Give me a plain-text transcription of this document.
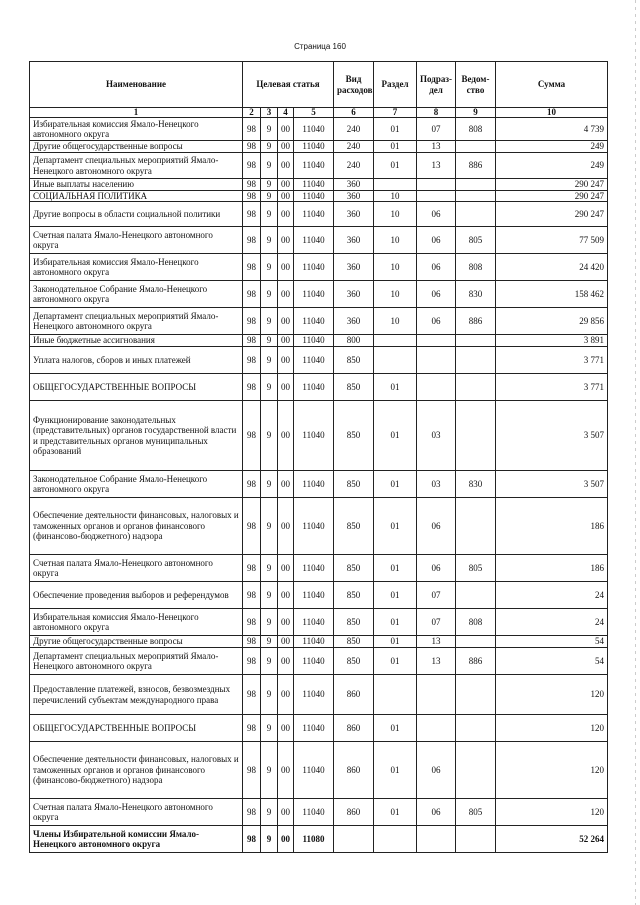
Страница 160
Наименование	Целевая статья				Вид расходов	Раздел	Подраз-дел	Ведом-ство	Сумма
1	2	3	4	5	6	7	8	9	10
Избирательная комиссия Ямало-Ненецкого автономного округа	98	9	00	11040	240	01	07	808	4 739
Другие общегосударственные вопросы	98	9	00	11040	240	01	13		249
Департамент специальных мероприятий Ямало-Ненецкого автономного округа	98	9	00	11040	240	01	13	886	249
Иные выплаты населению	98	9	00	11040	360				290 247
СОЦИАЛЬНАЯ ПОЛИТИКА	98	9	00	11040	360	10			290 247
Другие вопросы в области социальной политики	98	9	00	11040	360	10	06		290 247
Счетная палата Ямало-Ненецкого автономного округа	98	9	00	11040	360	10	06	805	77 509
Избирательная комиссия Ямало-Ненецкого автономного округа	98	9	00	11040	360	10	06	808	24 420
Законодательное Собрание Ямало-Ненецкого автономного округа	98	9	00	11040	360	10	06	830	158 462
Департамент специальных мероприятий Ямало-Ненецкого автономного округа	98	9	00	11040	360	10	06	886	29 856
Иные бюджетные ассигнования	98	9	00	11040	800				3 891
Уплата налогов, сборов и иных платежей	98	9	00	11040	850				3 771
ОБЩЕГОСУДАРСТВЕННЫЕ ВОПРОСЫ	98	9	00	11040	850	01			3 771
Функционирование законодательных (представительных) органов государственной власти и представительных органов муниципальных образований	98	9	00	11040	850	01	03		3 507
Законодательное Собрание Ямало-Ненецкого автономного округа	98	9	00	11040	850	01	03	830	3 507
Обеспечение деятельности финансовых, налоговых и таможенных органов и органов финансового (финансово-бюджетного) надзора	98	9	00	11040	850	01	06		186
Счетная палата Ямало-Ненецкого автономного округа	98	9	00	11040	850	01	06	805	186
Обеспечение проведения выборов и референдумов	98	9	00	11040	850	01	07		24
Избирательная комиссия Ямало-Ненецкого автономного округа	98	9	00	11040	850	01	07	808	24
Другие общегосударственные вопросы	98	9	00	11040	850	01	13		54
Департамент специальных мероприятий Ямало-Ненецкого автономного округа	98	9	00	11040	850	01	13	886	54
Предоставление платежей, взносов, безвозмездных перечислений субъектам международного права	98	9	00	11040	860				120
ОБЩЕГОСУДАРСТВЕННЫЕ ВОПРОСЫ	98	9	00	11040	860	01			120
Обеспечение деятельности финансовых, налоговых и таможенных органов и органов финансового (финансово-бюджетного) надзора	98	9	00	11040	860	01	06		120
Счетная палата Ямало-Ненецкого автономного округа	98	9	00	11040	860	01	06	805	120
Члены Избирательной комиссии Ямало-Ненецкого автономного округа	98	9	00	11080					52 264
